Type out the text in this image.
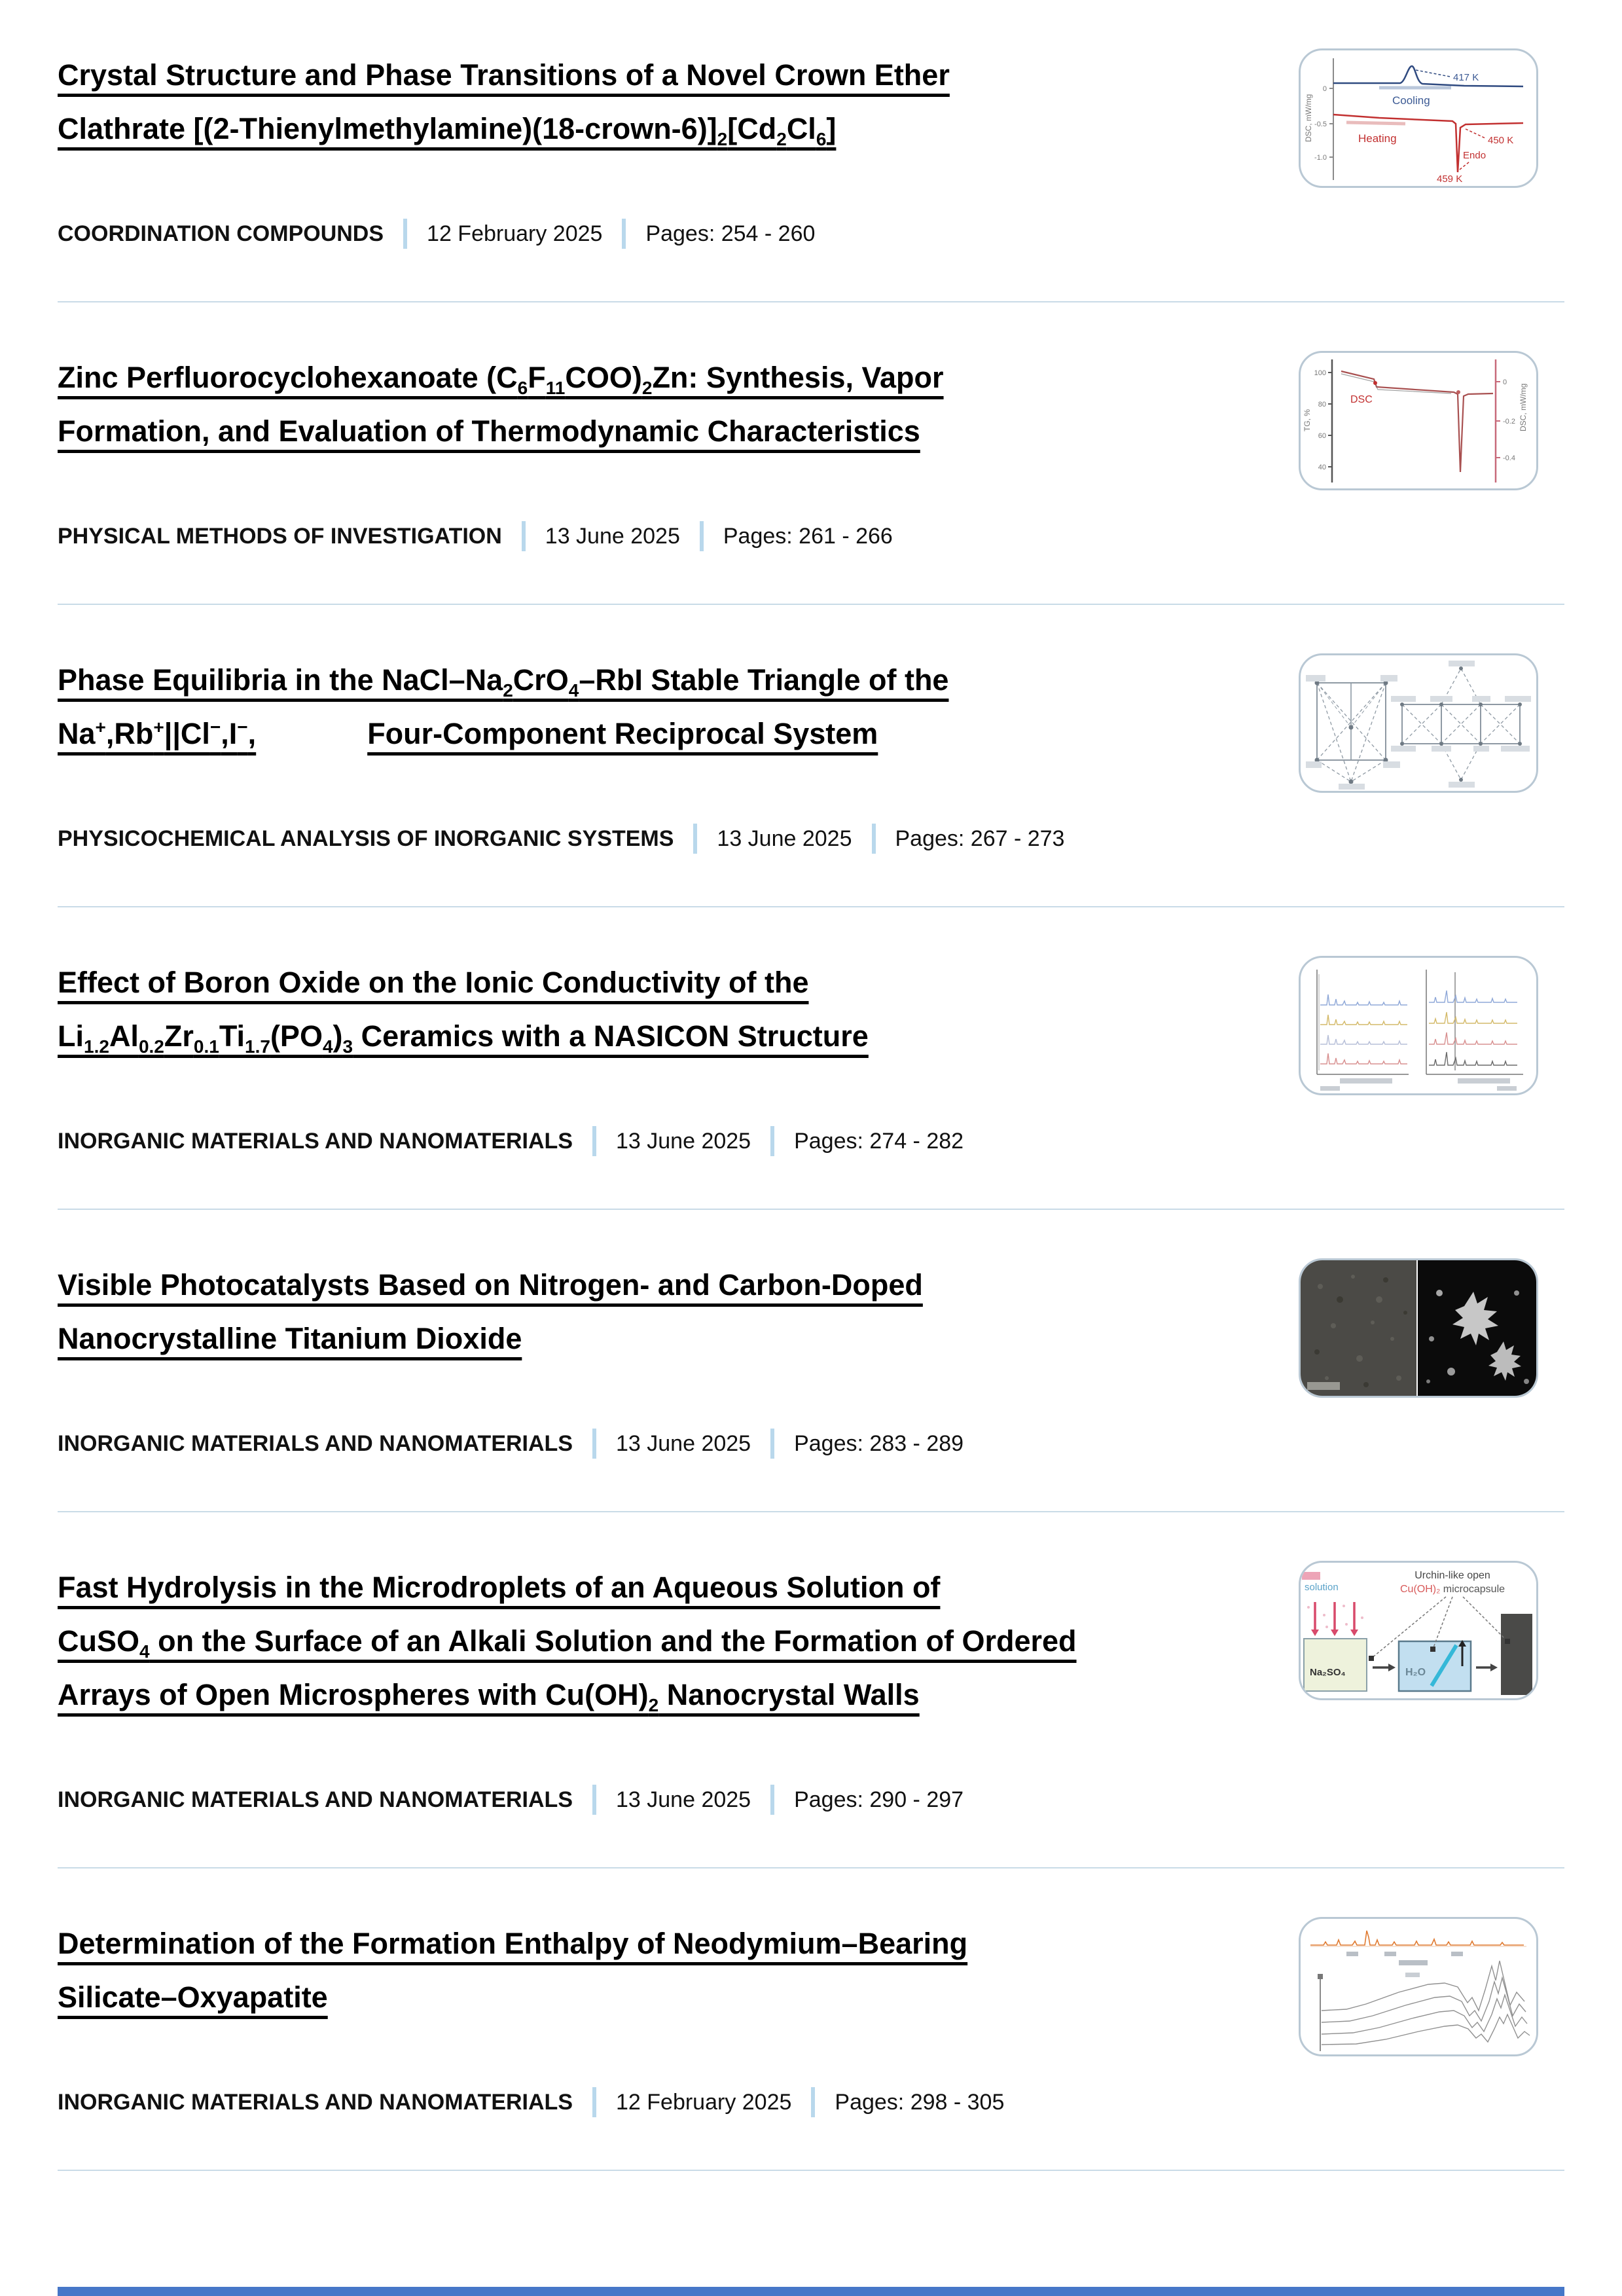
Crystal Structure and Phase Transitions of a Novel Crown Ether
Clathrate $[(2-Thienylmethylamine)(18-crown-6)]_2[Cd_2Cl_6]$
COORDINATION COMPOUNDS 12 February 2025 Pages: 254 - 260
0
-0.5
-1.0
DSC, mW/mg	Cooling
417 K
Heating	450 K
Endo
459 K
Zinc Perfluorocyclohexanoate $(C_6F_{11}COO)_2Zn$: Synthesis, Vapor
Formation, and Evaluation of Thermodynamic Characteristics
PHYSICAL METHODS OF INVESTIGATION 13 June 2025 Pages: 261 - 266
100
80
60
40
TG, %
0
-0.2
-0.4
DSC, mW/mg
DSC
Phase Equilibria in the NaCl–$Na_2CrO_4$–RbI Stable Triangle of the
Na+,Rb+||Cl−,I−,	Four-Component Reciprocal System
PHYSICOCHEMICAL ANALYSIS OF INORGANIC SYSTEMS 13 June 2025 Pages: 267 - 273
Effect of Boron Oxide on the Ionic Conductivity of the
$Li_{1.2}Al_{0.2}Zr_{0.1}Ti_{1.7}(PO_4)_3$ Ceramics with a NASICON Structure
INORGANIC MATERIALS AND NANOMATERIALS 13 June 2025 Pages: 274 - 282
Visible Photocatalysts Based on Nitrogen- and Carbon-Doped
Nanocrystalline Titanium Dioxide
INORGANIC MATERIALS AND NANOMATERIALS 13 June 2025 Pages: 283 - 289
Fast Hydrolysis in the Microdroplets of an Aqueous Solution of
CuSO$_4$ on the Surface of an Alkali Solution and the Formation of Ordered
Arrays of Open Microspheres with $Cu(OH)_2$ Nanocrystal Walls
INORGANIC MATERIALS AND NANOMATERIALS 13 June 2025 Pages: 290 - 297
Urchin-like open
Cu(OH)₂ microcapsule
solution
Na₂SO₄	H₂O
Determination of the Formation Enthalpy of Neodymium–Bearing
Silicate–Oxyapatite
INORGANIC MATERIALS AND NANOMATERIALS 12 February 2025 Pages: 298 - 305
